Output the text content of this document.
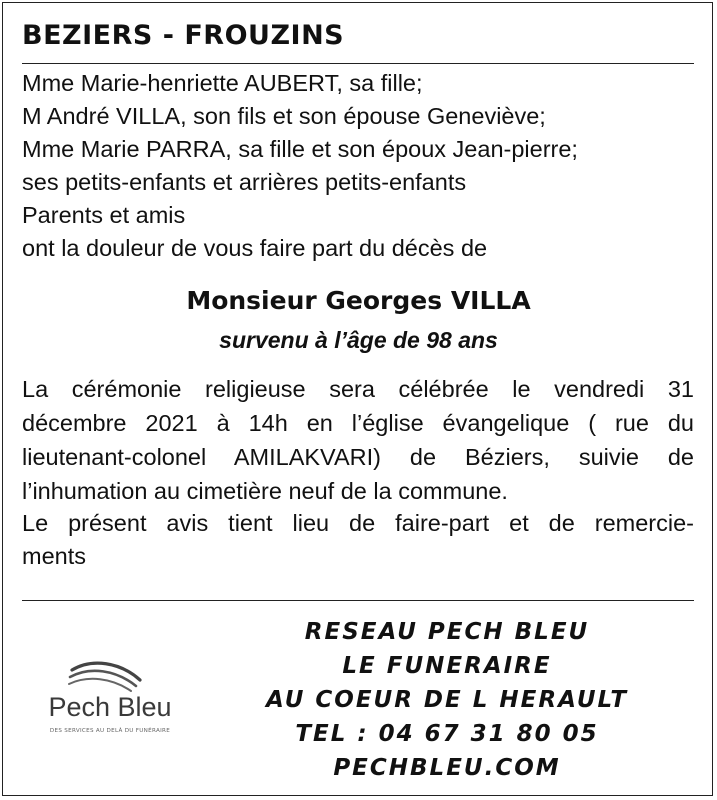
BEZIERS - FROUZINS
Mme Marie-henriette AUBERT, sa fille;
M André VILLA, son fils et son épouse Geneviève;
Mme Marie PARRA, sa fille et son époux Jean-pierre;
ses petits-enfants et arrières petits-enfants
Parents et amis
ont la douleur de vous faire part du décès de
Monsieur Georges VILLA
survenu à l’âge de 98 ans
La cérémonie religieuse sera célébrée le vendredi 31
décembre 2021 à 14h en l’église évangelique ( rue du
lieutenant-colonel AMILAKVARI) de Béziers, suivie de
l’inhumation au cimetière neuf de la commune.
Le présent avis tient lieu de faire-part et de remercie-
ments
Pech Bleu
DES SERVICES AU DELÀ DU FUNÉRAIRE
RESEAU PECH BLEU
LE FUNERAIRE
AU COEUR DE L HERAULT
TEL : 04 67 31 80 05
PECHBLEU.COM
